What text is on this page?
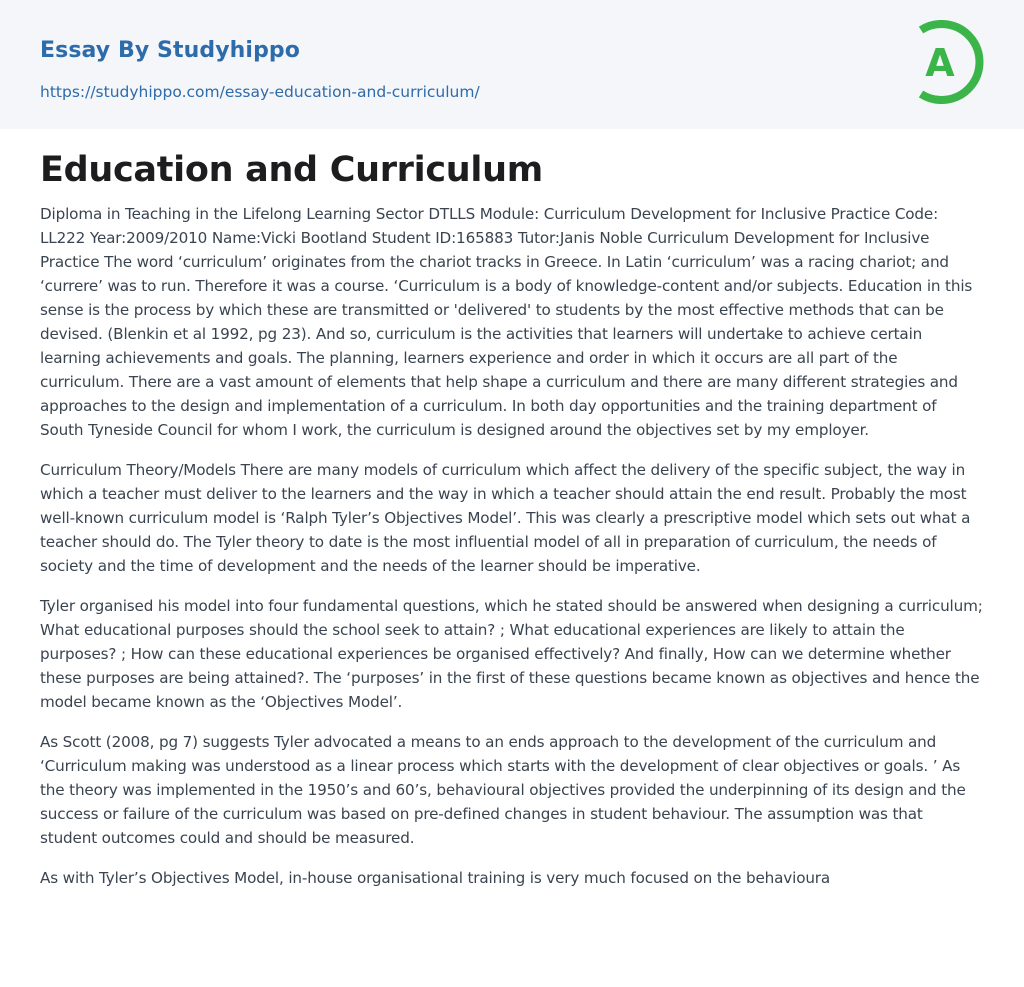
Essay By Studyhippo
https://studyhippo.com/essay-education-and-curriculum/
A
Education and Curriculum

Diploma in Teaching in the Lifelong Learning Sector DTLLS Module: Curriculum Development for Inclusive Practice Code: LL222 Year:2009/2010 Name:Vicki Bootland Student ID:165883 Tutor:Janis Noble Curriculum Development for Inclusive Practice The word ‘curriculum’ originates from the chariot tracks in Greece. In Latin ‘curriculum’ was a racing chariot; and ‘currere’ was to run. Therefore it was a course. ‘Curriculum is a body of knowledge-content and/or subjects. Education in this sense is the process by which these are transmitted or 'delivered' to students by the most effective methods that can be devised. (Blenkin et al 1992, pg 23). And so, curriculum is the activities that learners will undertake to achieve certain learning achievements and goals. The planning, learners experience and order in which it occurs are all part of the curriculum. There are a vast amount of elements that help shape a curriculum and there are many different strategies and approaches to the design and implementation of a curriculum. In both day opportunities and the training department of South Tyneside Council for whom I work, the curriculum is designed around the objectives set by my employer.

Curriculum Theory/Models There are many models of curriculum which affect the delivery of the specific subject, the way in which a teacher must deliver to the learners and the way in which a teacher should attain the end result. Probably the most well-known curriculum model is ‘Ralph Tyler’s Objectives Model’. This was clearly a prescriptive model which sets out what a teacher should do. The Tyler theory to date is the most influential model of all in preparation of curriculum, the needs of society and the time of development and the needs of the learner should be imperative.

Tyler organised his model into four fundamental questions, which he stated should be answered when designing a curriculum; What educational purposes should the school seek to attain? ; What educational experiences are likely to attain the purposes? ; How can these educational experiences be organised effectively? And finally, How can we determine whether these purposes are being attained?. The ‘purposes’ in the first of these questions became known as objectives and hence the model became known as the ‘Objectives Model’.

As Scott (2008, pg 7) suggests Tyler advocated a means to an ends approach to the development of the curriculum and ‘Curriculum making was understood as a linear process which starts with the development of clear objectives or goals. ’ As the theory was implemented in the 1950’s and 60’s, behavioural objectives provided the underpinning of its design and the success or failure of the curriculum was based on pre-defined changes in student behaviour. The assumption was that student outcomes could and should be measured.

As with Tyler’s Objectives Model, in-house organisational training is very much focused on the behavioura
